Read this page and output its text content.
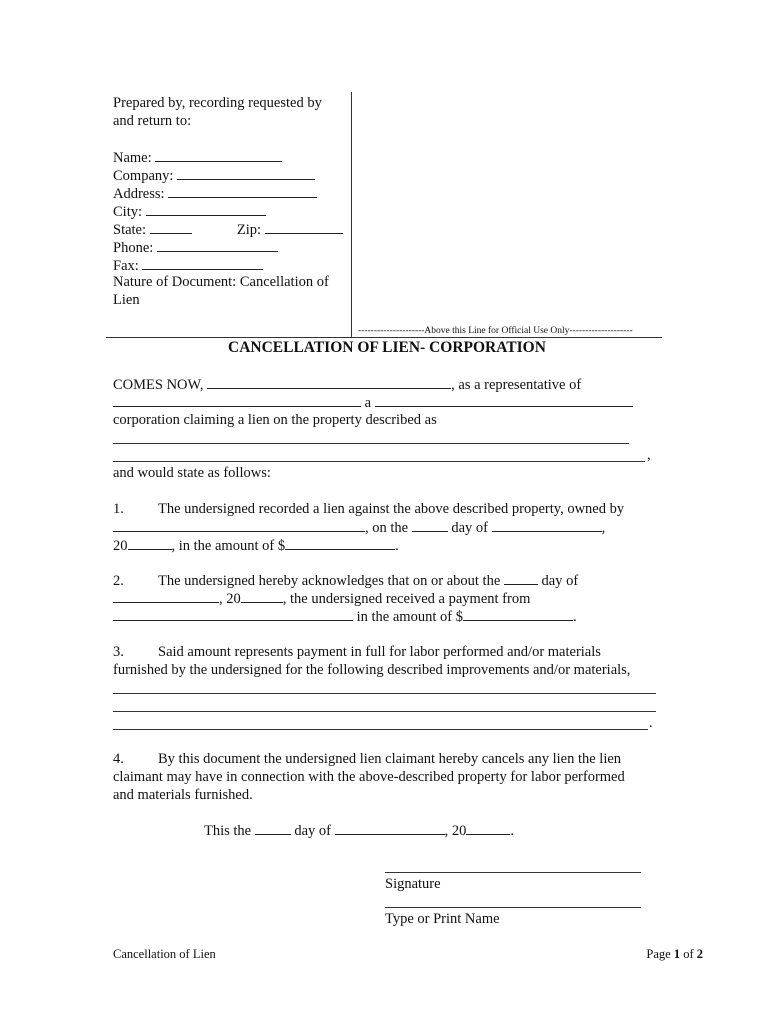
Prepared by, recording requested by
and return to:
Name:
Company:
Address:
City:
State:	Zip:
Phone:
Fax:
Nature of Document: Cancellation of
Lien
---------------------Above this Line for Official Use Only--------------------
CANCELLATION OF LIEN- CORPORATION
COMES NOW,	, as a representative of
a
corporation claiming a lien on the property described as
,
and would state as follows:
1. The undersigned recorded a lien against the above described property, owned by
, on the	day of	,
20	, in the amount of $	.
2. The undersigned hereby acknowledges that on or about the	day of
, 20	, the undersigned received a payment from
in the amount of $	.
3. Said amount represents payment in full for labor performed and/or materials
furnished by the undersigned for the following described improvements and/or materials,
.
4. By this document the undersigned lien claimant hereby cancels any lien the lien
claimant may have in connection with the above-described property for labor performed
and materials furnished.
This the	day of	, 20	.
Signature
Type or Print Name
Cancellation of Lien	Page 1 of 2
